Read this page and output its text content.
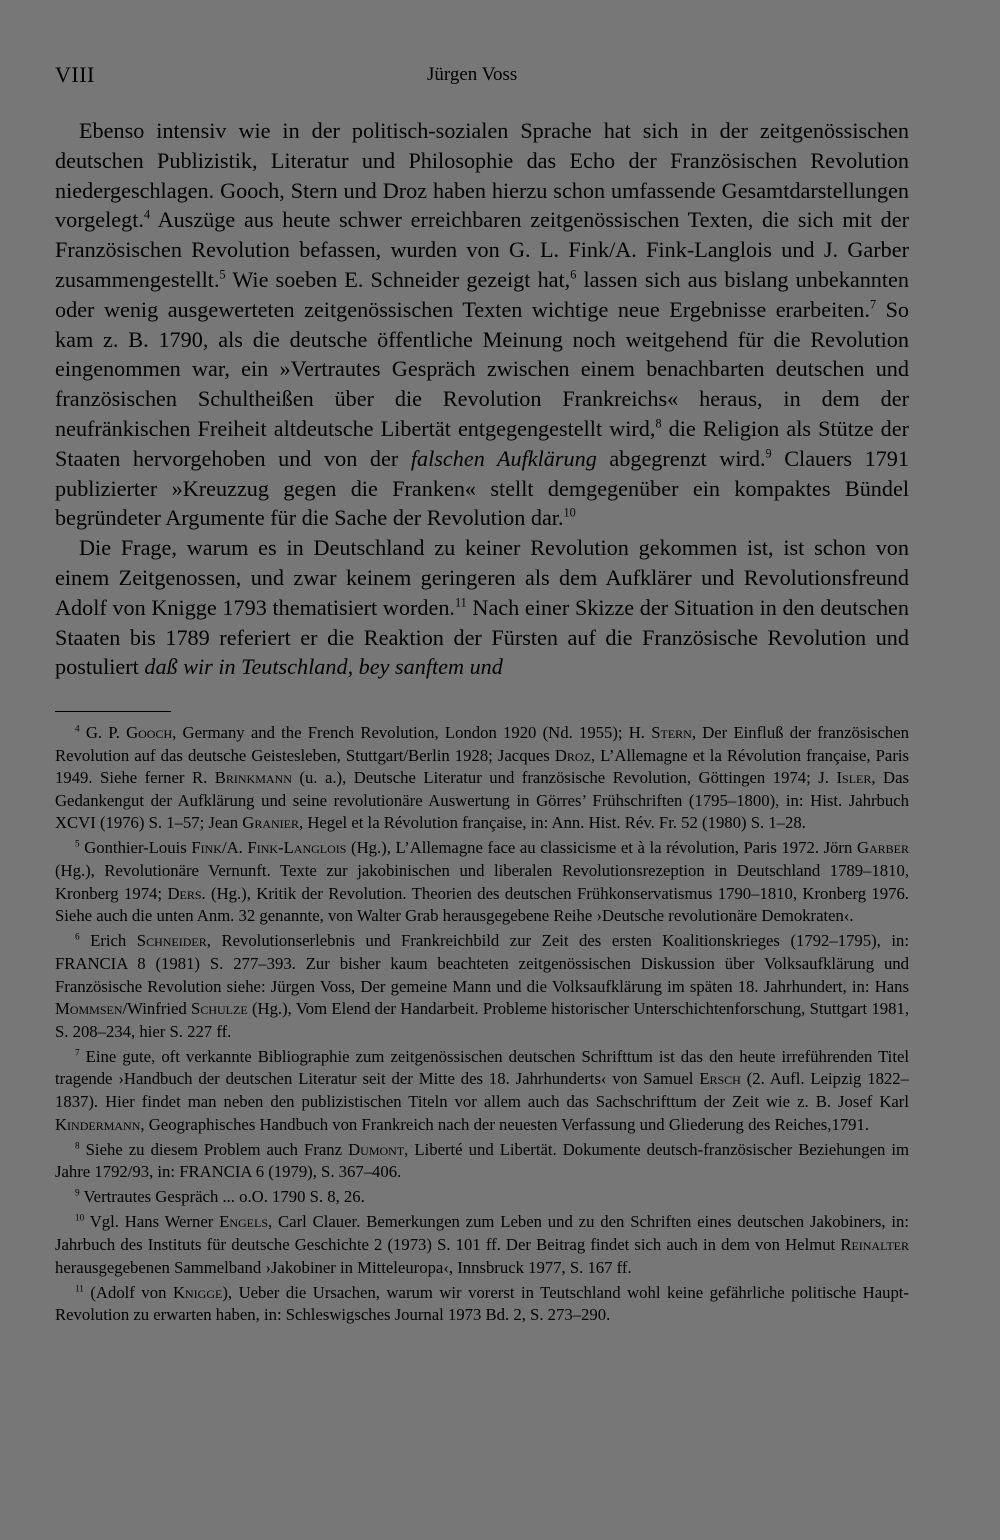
VIII	Jürgen Voss

Ebenso intensiv wie in der politisch-sozialen Sprache hat sich in der zeitgenössischen deutschen Publizistik, Literatur und Philosophie das Echo der Französischen Revolution niedergeschlagen. Gooch, Stern und Droz haben hierzu schon umfassende Gesamtdarstellungen vorgelegt.$^4$ Auszüge aus heute schwer erreichbaren zeitgenössischen Texten, die sich mit der Französischen Revolution befassen, wurden von G. L. Fink/A. Fink-Langlois und J. Garber zusammengestellt.$^5$ Wie soeben E. Schneider gezeigt hat,$^6$ lassen sich aus bislang unbekannten oder wenig ausgewerteten zeitgenössischen Texten wichtige neue Ergebnisse erarbeiten.$^7$ So kam z. B. 1790, als die deutsche öffentliche Meinung noch weitgehend für die Revolution eingenommen war, ein »Vertrautes Gespräch zwischen einem benachbarten deutschen und französischen Schultheißen über die Revolution Frankreichs« heraus, in dem der neufränkischen Freiheit altdeutsche Libertät entgegengestellt wird,$^8$ die Religion als Stütze der Staaten hervorgehoben und von der falschen Aufklärung abgegrenzt wird.$^9$ Clauers 1791 publizierter »Kreuzzug gegen die Franken« stellt demgegenüber ein kompaktes Bündel begründeter Argumente für die Sache der Revolution dar.$^{10}$

Die Frage, warum es in Deutschland zu keiner Revolution gekommen ist, ist schon von einem Zeitgenossen, und zwar keinem geringeren als dem Aufklärer und Revolutionsfreund Adolf von Knigge 1793 thematisiert worden.$^{11}$ Nach einer Skizze der Situation in den deutschen Staaten bis 1789 referiert er die Reaktion der Fürsten auf die Französische Revolution und postuliert daß wir in Teutschland, bey sanftem und

$^4$ G. P. Gooch, Germany and the French Revolution, London 1920 (Nd. 1955); H. Stern, Der Einfluß der französischen Revolution auf das deutsche Geistesleben, Stuttgart/Berlin 1928; Jacques Droz, L’Allemagne et la Révolution française, Paris 1949. Siehe ferner R. Brinkmann (u. a.), Deutsche Literatur und französische Revolution, Göttingen 1974; J. Isler, Das Gedankengut der Aufklärung und seine revolutionäre Auswertung in Görres’ Frühschriften (1795–1800), in: Hist. Jahrbuch XCVI (1976) S. 1–57; Jean Granier, Hegel et la Révolution française, in: Ann. Hist. Rév. Fr. 52 (1980) S. 1–28.

$^5$ Gonthier-Louis Fink/A. Fink-Langlois (Hg.), L’Allemagne face au classicisme et à la révolution, Paris 1972. Jörn Garber (Hg.), Revolutionäre Vernunft. Texte zur jakobinischen und liberalen Revolutionsrezeption in Deutschland 1789–1810, Kronberg 1974; Ders. (Hg.), Kritik der Revolution. Theorien des deutschen Frühkonservatismus 1790–1810, Kronberg 1976. Siehe auch die unten Anm. 32 genannte, von Walter Grab herausgegebene Reihe ›Deutsche revolutionäre Demokraten‹.

$^6$ Erich Schneider, Revolutionserlebnis und Frankreichbild zur Zeit des ersten Koalitionskrieges (1792–1795), in: FRANCIA 8 (1981) S. 277–393. Zur bisher kaum beachteten zeitgenössischen Diskussion über Volksaufklärung und Französische Revolution siehe: Jürgen Voss, Der gemeine Mann und die Volksaufklärung im späten 18. Jahrhundert, in: Hans Mommsen/Winfried Schulze (Hg.), Vom Elend der Handarbeit. Probleme historischer Unterschichtenforschung, Stuttgart 1981, S. 208–234, hier S. 227 ff.

$^7$ Eine gute, oft verkannte Bibliographie zum zeitgenössischen deutschen Schrifttum ist das den heute irreführenden Titel tragende ›Handbuch der deutschen Literatur seit der Mitte des 18. Jahrhunderts‹ von Samuel Ersch (2. Aufl. Leipzig 1822–1837). Hier findet man neben den publizistischen Titeln vor allem auch das Sachschrifttum der Zeit wie z. B. Josef Karl Kindermann, Geographisches Handbuch von Frankreich nach der neuesten Verfassung und Gliederung des Reiches,1791.

$^8$ Siehe zu diesem Problem auch Franz Dumont, Liberté und Libertät. Dokumente deutsch-französischer Beziehungen im Jahre 1792/93, in: FRANCIA 6 (1979), S. 367–406.

$^9$ Vertrautes Gespräch ... o.O. 1790 S. 8, 26.

$^{10}$ Vgl. Hans Werner Engels, Carl Clauer. Bemerkungen zum Leben und zu den Schriften eines deutschen Jakobiners, in: Jahrbuch des Instituts für deutsche Geschichte 2 (1973) S. 101 ff. Der Beitrag findet sich auch in dem von Helmut Reinalter herausgegebenen Sammelband ›Jakobiner in Mitteleuropa‹, Innsbruck 1977, S. 167 ff.

$^{11}$ (Adolf von Knigge), Ueber die Ursachen, warum wir vorerst in Teutschland wohl keine gefährliche politische Haupt-Revolution zu erwarten haben, in: Schleswigsches Journal 1973 Bd. 2, S. 273–290.
